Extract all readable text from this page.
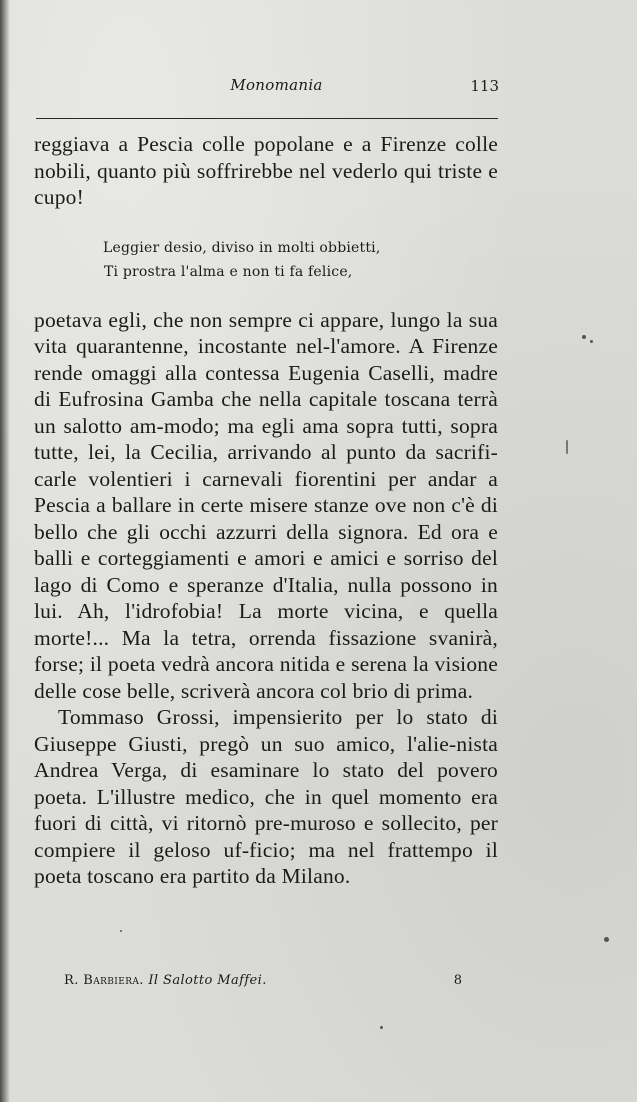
Monomania	113

reggiava a Pescia colle popolane e a Firenze colle nobili, quanto più soffrirebbe nel vederlo qui triste e cupo!

Leggier desio, diviso in molti obbietti,
Ti prostra l'alma e non ti fa felice,

poetava egli, che non sempre ci appare, lungo la sua vita quarantenne, incostante nel-l'amore. A Firenze rende omaggi alla contessa Eugenia Caselli, madre di Eufrosina Gamba che nella capitale toscana terrà un salotto am-modo; ma egli ama sopra tutti, sopra tutte, lei, la Cecilia, arrivando al punto da sacrifi-carle volentieri i carnevali fiorentini per andar a Pescia a ballare in certe misere stanze ove non c'è di bello che gli occhi azzurri della signora. Ed ora e balli e corteggiamenti e amori e amici e sorriso del lago di Como e speranze d'Italia, nulla possono in lui. Ah, l'idrofobia! La morte vicina, e quella morte!... Ma la tetra, orrenda fissazione svanirà, forse; il poeta vedrà ancora nitida e serena la visione delle cose belle, scriverà ancora col brio di prima.

Tommaso Grossi, impensierito per lo stato di Giuseppe Giusti, pregò un suo amico, l'alie-nista Andrea Verga, di esaminare lo stato del povero poeta. L'illustre medico, che in quel momento era fuori di città, vi ritornò pre-muroso e sollecito, per compiere il geloso uf-ficio; ma nel frattempo il poeta toscano era partito da Milano.

R. Barbiera. Il Salotto Maffei.	8
